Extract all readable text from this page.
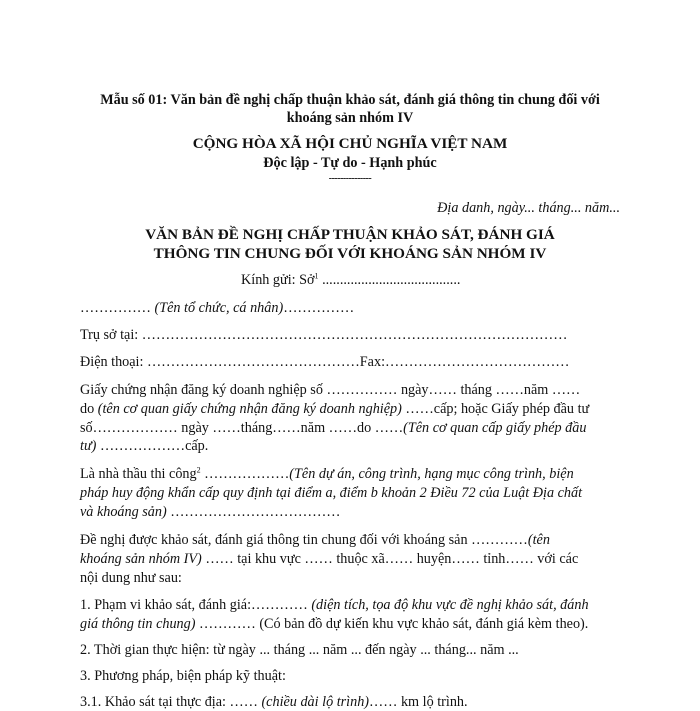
Mẫu số 01: Văn bản đề nghị chấp thuận khảo sát, đánh giá thông tin chung đối với
khoáng sản nhóm IV
CỘNG HÒA XÃ HỘI CHỦ NGHĨA VIỆT NAM
Độc lập - Tự do - Hạnh phúc
---------------
Địa danh, ngày... tháng... năm...
VĂN BẢN ĐỀ NGHỊ CHẤP THUẬN KHẢO SÁT, ĐÁNH GIÁ
THÔNG TIN CHUNG ĐỐI VỚI KHOÁNG SẢN NHÓM IV
Kính gửi: Sở$^1$ .......................................
…………… (Tên tổ chức, cá nhân)……………
Trụ sở tại: ………………………………………………………………………………
Điện thoại: ………………………………………Fax:…………………………………
Giấy chứng nhận đăng ký doanh nghiệp số …………… ngày…… tháng ……năm ……
do (tên cơ quan giấy chứng nhận đăng ký doanh nghiệp) ……cấp; hoặc Giấy phép đầu tư
số……………… ngày ……tháng……năm ……do ……(Tên cơ quan cấp giấy phép đầu
tư) ………………cấp.
Là nhà thầu thi công$^2$ ………………(Tên dự án, công trình, hạng mục công trình, biện
pháp huy động khẩn cấp quy định tại điểm a, điểm b khoản 2 Điều 72 của Luật Địa chất
và khoáng sản) ………………………………
Đề nghị được khảo sát, đánh giá thông tin chung đối với khoáng sản …………(tên
khoáng sản nhóm IV) …… tại khu vực …… thuộc xã…… huyện…… tỉnh…… với các
nội dung như sau:
1. Phạm vi khảo sát, đánh giá:………… (diện tích, tọa độ khu vực đề nghị khảo sát, đánh
giá thông tin chung) ………… (Có bản đồ dự kiến khu vực khảo sát, đánh giá kèm theo).
2. Thời gian thực hiện: từ ngày ... tháng ... năm ... đến ngày ... tháng... năm ...
3. Phương pháp, biện pháp kỹ thuật:
3.1. Khảo sát tại thực địa: …… (chiều dài lộ trình)…… km lộ trình.
